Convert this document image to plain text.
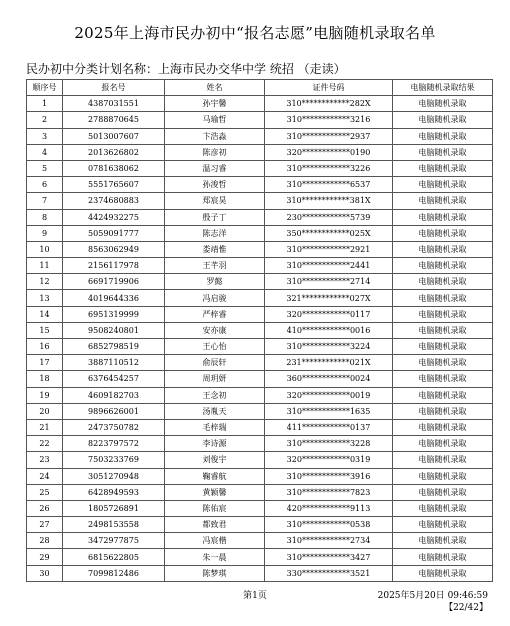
2025年上海市民办初中“报名志愿”电脑随机录取名单
民办初中分类计划名称：上海市民办交华中学 统招 （走读）
顺序号	报名号	姓名	证件号码	电脑随机录取结果
1	4387031551	孙宇馨	310************282X	电脑随机录取
2	2788870645	马瑜哲	310************3216	电脑随机录取
3	5013007607	卞浩淼	310************2937	电脑随机录取
4	2013626802	陈彦初	320************0190	电脑随机录取
5	0781638062	温习睿	310************3226	电脑随机录取
6	5551765607	孙浚哲	310************6537	电脑随机录取
7	2374680883	郑宸昊	310************381X	电脑随机录取
8	4424932275	殷子丁	230************5739	电脑随机录取
9	5059091777	陈志洋	350************025X	电脑随机录取
10	8563062949	娄靖惟	310************2921	电脑随机录取
11	2156117978	王芊羽	310************2441	电脑随机录取
12	6691719906	罗懿	310************2714	电脑随机录取
13	4019644336	冯启骏	321************027X	电脑随机录取
14	6951319999	严梓睿	320************0117	电脑随机录取
15	9508240801	安亦康	410************0016	电脑随机录取
16	6852798519	王心怡	310************3224	电脑随机录取
17	3887110512	俞辰轩	231************021X	电脑随机录取
18	6376454257	周玥妍	360************0024	电脑随机录取
19	4609182703	王念初	320************0019	电脑随机录取
20	9896626001	汤胤天	310************1635	电脑随机录取
21	2473750782	毛梓瑞	411************0137	电脑随机录取
22	8223797572	李诗源	310************3228	电脑随机录取
23	7503233769	刘俊宇	320************0319	电脑随机录取
24	3051270948	鞠睿航	310************3916	电脑随机录取
25	6428949593	黄颖馨	310************7823	电脑随机录取
26	1805726891	陈佑宸	420************9113	电脑随机录取
27	2498153558	都致君	310************0538	电脑随机录取
28	3472977875	冯宸楷	310************2734	电脑随机录取
29	6815622805	朱一晨	310************3427	电脑随机录取
30	7099812486	陈梦琪	330************3521	电脑随机录取
第1页	2025年5月20日 09:46:59
【22/42】
